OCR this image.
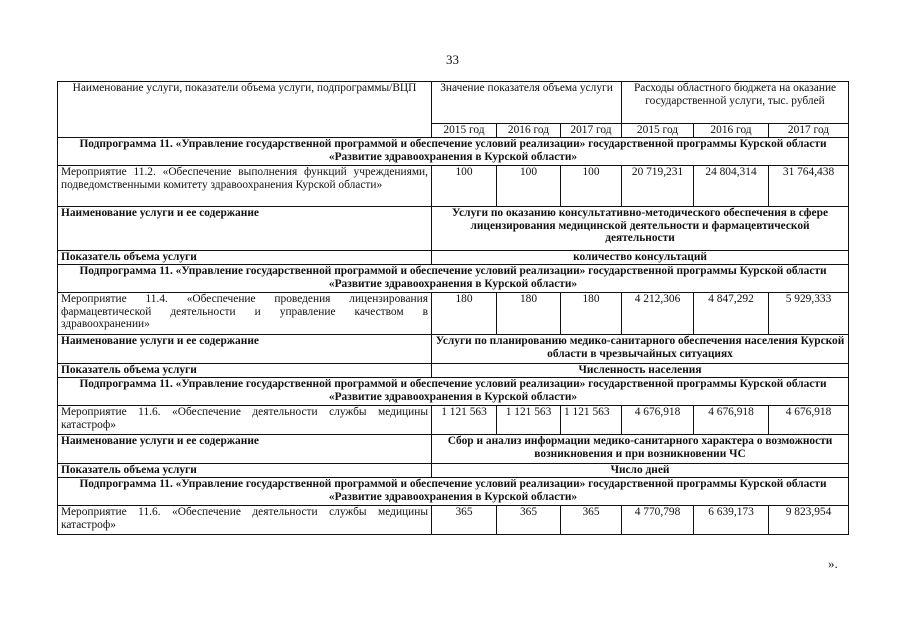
33
Наименование услуги, показатели объема услуги, подпрограммы/ВЦП	Значение показателя объема услуги			Расходы областного бюджета на оказание государственной услуги, тыс. рублей		
	2015 год	2016 год	2017 год	2015 год	2016 год	2017 год
Подпрограмма 11. «Управление государственной программой и обеспечение условий реализации» государственной программы Курской области «Развитие здравоохранения в Курской области»						
Мероприятие 11.2. «Обеспечение выполнения функций учреждениями, подведомственными комитету здравоохранения Курской области»	100	100	100	20 719,231	24 804,314	31 764,438
Наименование услуги и ее содержание	Услуги по оказанию консультативно-методического обеспечения в сфере лицензирования медицинской деятельности и фармацевтической деятельности					
Показатель объема услуги	количество консультаций					
Подпрограмма 11. «Управление государственной программой и обеспечение условий реализации» государственной программы Курской области «Развитие здравоохранения в Курской области»						
Мероприятие 11.4. «Обеспечение проведения лицензирования фармацевтической деятельности и управление качеством в здравоохранении»	180	180	180	4 212,306	4 847,292	5 929,333
Наименование услуги и ее содержание	Услуги по планированию медико-санитарного обеспечения населения Курской области в чрезвычайных ситуациях					
Показатель объема услуги	Численность населения					
Подпрограмма 11. «Управление государственной программой и обеспечение условий реализации» государственной программы Курской области «Развитие здравоохранения в Курской области»						
Мероприятие 11.6. «Обеспечение деятельности службы медицины катастроф»	1 121 563	1 121 563	1 121 563	4 676,918	4 676,918	4 676,918
Наименование услуги и ее содержание	Сбор и анализ информации медико-санитарного характера о возможности возникновения и при возникновении ЧС					
Показатель объема услуги	Число дней					
Подпрограмма 11. «Управление государственной программой и обеспечение условий реализации» государственной программы Курской области «Развитие здравоохранения в Курской области»						
Мероприятие 11.6. «Обеспечение деятельности службы медицины катастроф»	365	365	365	4 770,798	6 639,173	9 823,954
».
